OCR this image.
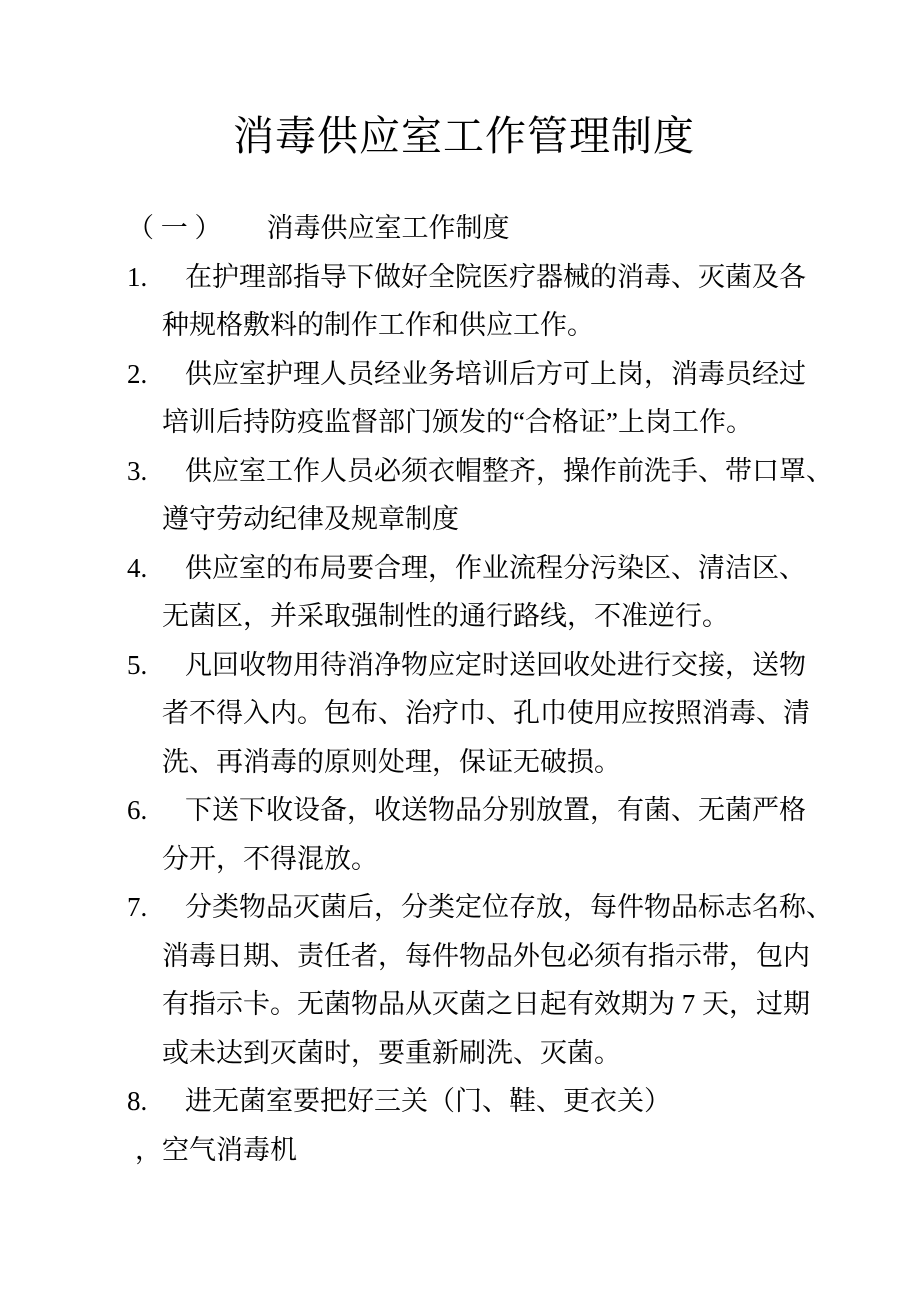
消毒供应室工作管理制度
（ 一 ） 消毒供应室工作制度
1.	在护理部指导下做好全院医疗器械的消毒、灭菌及各
种规格敷料的制作工作和供应工作。
2.	供应室护理人员经业务培训后方可上岗，消毒员经过
培训后持防疫监督部门颁发的“合格证”上岗工作。
3.	供应室工作人员必须衣帽整齐，操作前洗手、带口罩、
遵守劳动纪律及规章制度
4.	供应室的布局要合理，作业流程分污染区、清洁区、
无菌区，并采取强制性的通行路线，不准逆行。
5.	凡回收物用待消净物应定时送回收处进行交接，送物
者不得入内。包布、治疗巾、孔巾使用应按照消毒、清
洗、再消毒的原则处理，保证无破损。
6.	下送下收设备，收送物品分别放置，有菌、无菌严格
分开，不得混放。
7.	分类物品灭菌后，分类定位存放，每件物品标志名称、
消毒日期、责任者，每件物品外包必须有指示带，包内
有指示卡。无菌物品从灭菌之日起有效期为 7 天，过期
或未达到灭菌时，要重新刷洗、灭菌。
8.	进无菌室要把好三关（门、鞋、更衣关）
，空气消毒机
